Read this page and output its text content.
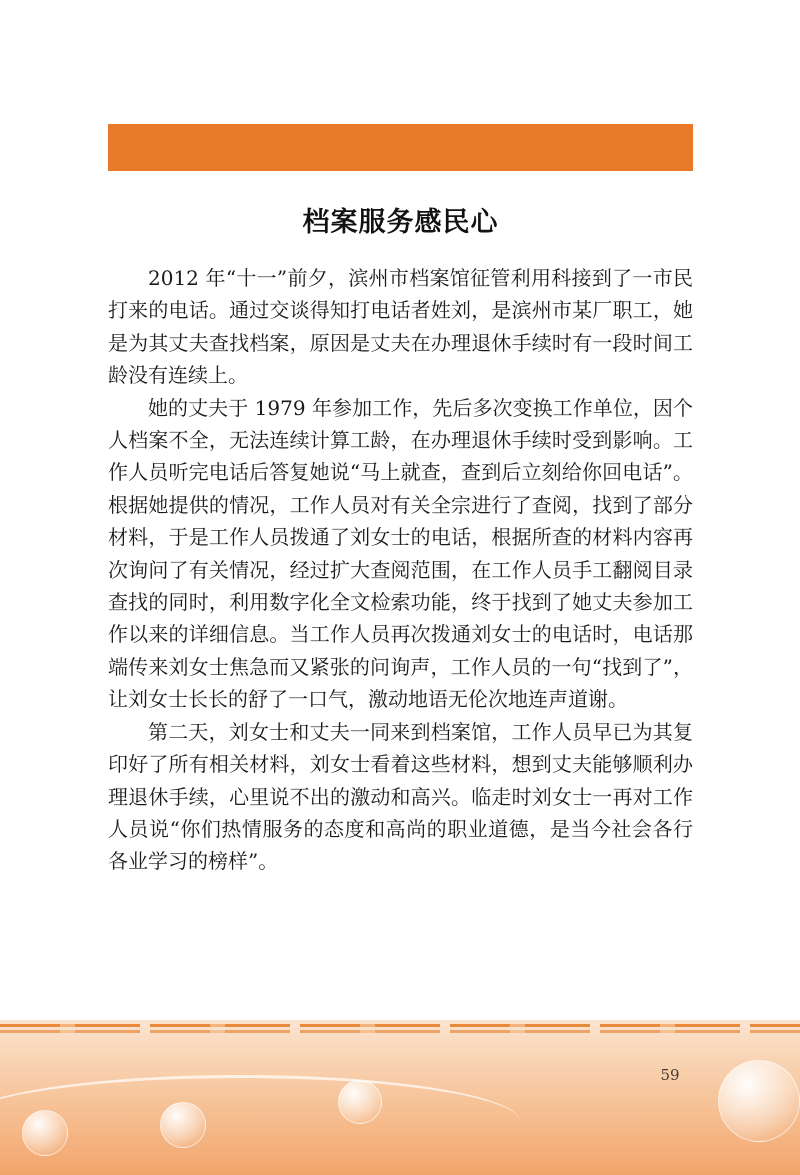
档案服务感民心

2012 年“十一”前夕，滨州市档案馆征管利用科接到了一市民打来的电话。通过交谈得知打电话者姓刘，是滨州市某厂职工，她是为其丈夫查找档案，原因是丈夫在办理退休手续时有一段时间工龄没有连续上。

她的丈夫于 1979 年参加工作，先后多次变换工作单位，因个人档案不全，无法连续计算工龄，在办理退休手续时受到影响。工作人员听完电话后答复她说“马上就查，查到后立刻给你回电话”。根据她提供的情况，工作人员对有关全宗进行了查阅，找到了部分材料，于是工作人员拨通了刘女士的电话，根据所查的材料内容再次询问了有关情况，经过扩大查阅范围，在工作人员手工翻阅目录查找的同时，利用数字化全文检索功能，终于找到了她丈夫参加工作以来的详细信息。当工作人员再次拨通刘女士的电话时，电话那端传来刘女士焦急而又紧张的问询声，工作人员的一句“找到了”，让刘女士长长的舒了一口气，激动地语无伦次地连声道谢。

第二天，刘女士和丈夫一同来到档案馆，工作人员早已为其复印好了所有相关材料，刘女士看着这些材料，想到丈夫能够顺利办理退休手续，心里说不出的激动和高兴。临走时刘女士一再对工作人员说“你们热情服务的态度和高尚的职业道德，是当今社会各行各业学习的榜样”。

59
